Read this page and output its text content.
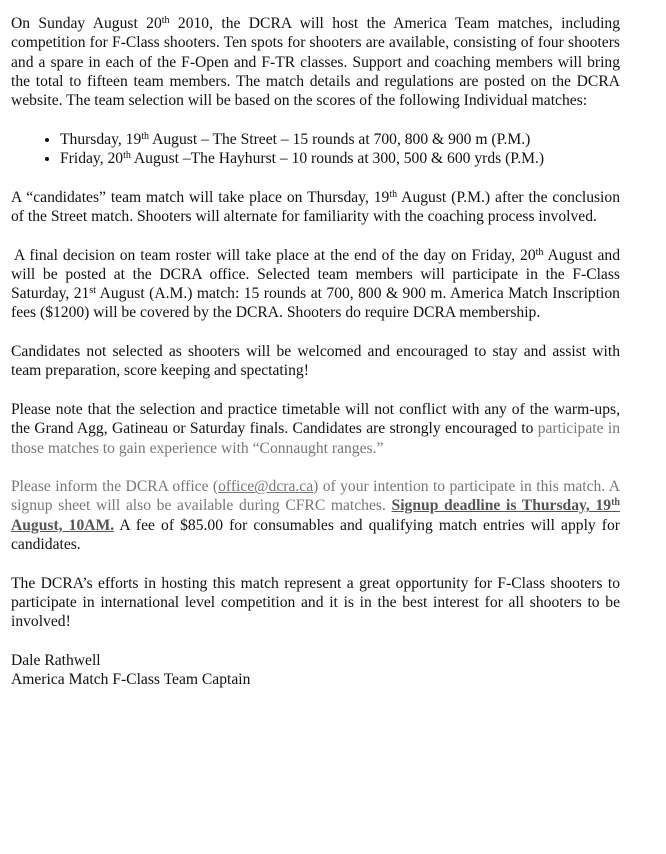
On Sunday August 20th 2010, the DCRA will host the America Team matches, including competition for F-Class shooters. Ten spots for shooters are available, consisting of four shooters and a spare in each of the F-Open and F-TR classes. Support and coaching members will bring the total to fifteen team members. The match details and regulations are posted on the DCRA website. The team selection will be based on the scores of the following Individual matches:

• Thursday, 19th August – The Street – 15 rounds at 700, 800 & 900 m (P.M.)
• Friday, 20th August –The Hayhurst – 10 rounds at 300, 500 & 600 yrds (P.M.)

A “candidates” team match will take place on Thursday, 19th August (P.M.) after the conclusion of the Street match. Shooters will alternate for familiarity with the coaching process involved.

A final decision on team roster will take place at the end of the day on Friday, 20th August and will be posted at the DCRA office. Selected team members will participate in the F-Class Saturday, 21st August (A.M.) match: 15 rounds at 700, 800 & 900 m. America Match Inscription fees ($1200) will be covered by the DCRA. Shooters do require DCRA membership.

Candidates not selected as shooters will be welcomed and encouraged to stay and assist with team preparation, score keeping and spectating!

Please note that the selection and practice timetable will not conflict with any of the warm-ups, the Grand Agg, Gatineau or Saturday finals. Candidates are strongly encouraged to participate in those matches to gain experience with “Connaught ranges.”

Please inform the DCRA office (office@dcra.ca) of your intention to participate in this match. A signup sheet will also be available during CFRC matches. Signup deadline is Thursday, 19th August, 10AM. A fee of $85.00 for consumables and qualifying match entries will apply for candidates.

The DCRA’s efforts in hosting this match represent a great opportunity for F-Class shooters to participate in international level competition and it is in the best interest for all shooters to be involved!

Dale Rathwell

America Match F-Class Team Captain
